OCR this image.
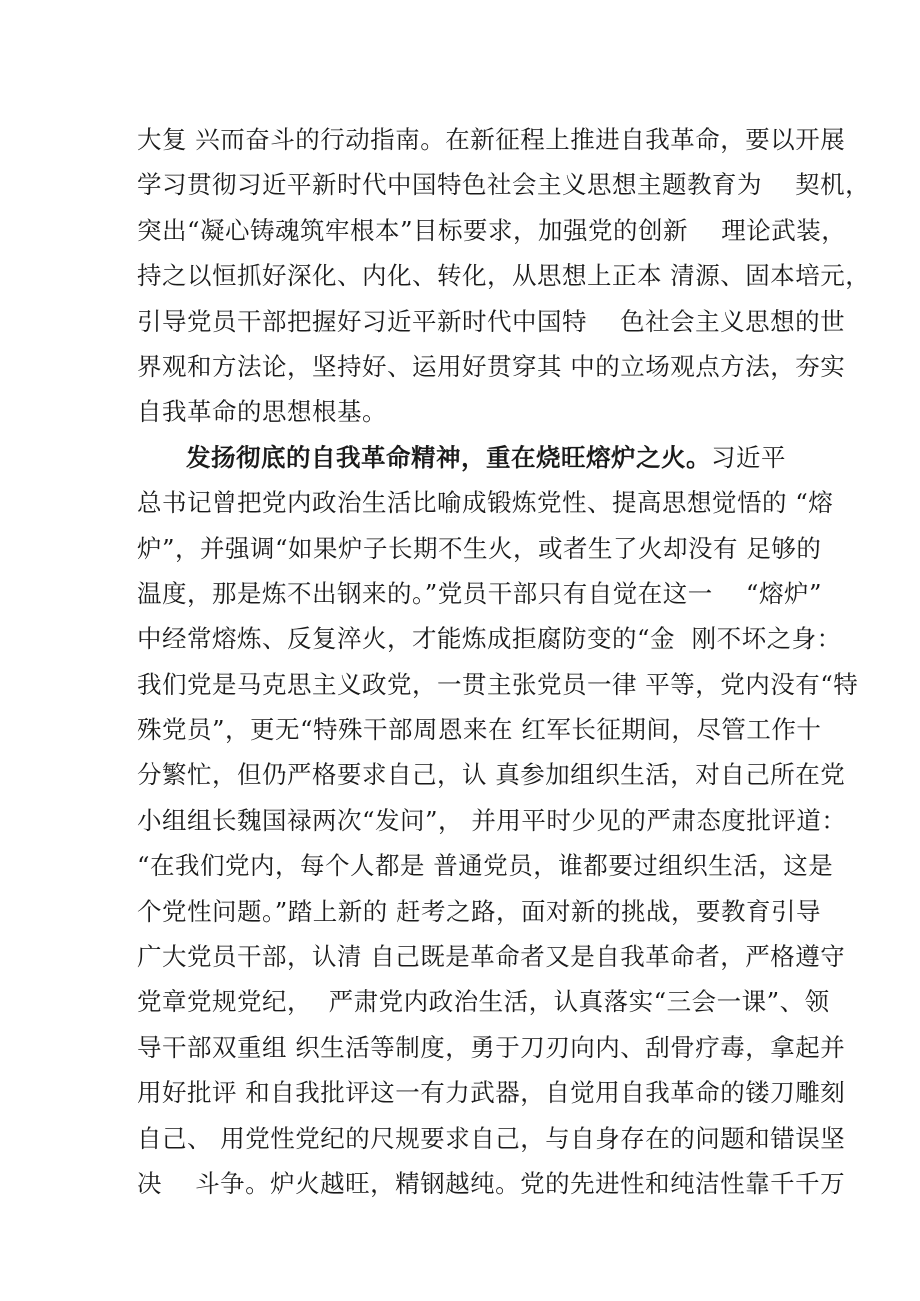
大复 兴而奋斗的行动指南。在新征程上推进自我革命，要以开展
学习贯彻习近平新时代中国特色社会主义思想主题教育为    契机，
突出“凝心铸魂筑牢根本”目标要求，加强党的创新    理论武装，
持之以恒抓好深化、内化、转化，从思想上正本 清源、固本培元，
引导党员干部把握好习近平新时代中国特    色社会主义思想的世
界观和方法论，坚持好、运用好贯穿其 中的立场观点方法，夯实
自我革命的思想根基。
发扬彻底的自我革命精神，重在烧旺熔炉之火。习近平
总书记曾把党内政治生活比喻成锻炼党性、提高思想觉悟的 “熔
炉”，并强调“如果炉子长期不生火，或者生了火却没有 足够的
温度，那是炼不出钢来的。”党员干部只有自觉在这一    “熔炉”
中经常熔炼、反复淬火，才能炼成拒腐防变的“金  刚不坏之身：
我们党是马克思主义政党，一贯主张党员一律 平等，党内没有“特
殊党员”，更无“特殊干部周恩来在 红军长征期间，尽管工作十
分繁忙，但仍严格要求自己，认 真参加组织生活，对自己所在党
小组组长魏国禄两次“发问”， 并用平时少见的严肃态度批评道：
“在我们党内，每个人都是 普通党员，谁都要过组织生活，这是
个党性问题。”踏上新的 赶考之路，面对新的挑战，要教育引导
广大党员干部，认清 自己既是革命者又是自我革命者，严格遵守
党章党规党纪，  严肃党内政治生活，认真落实“三会一课”、领
导干部双重组 织生活等制度，勇于刀刃向内、刮骨疗毒，拿起并
用好批评 和自我批评这一有力武器，自觉用自我革命的镂刀雕刻
自己、 用党性党纪的尺规要求自己，与自身存在的问题和错误坚
决    斗争。炉火越旺，精钢越纯。党的先进性和纯洁性靠千千万
